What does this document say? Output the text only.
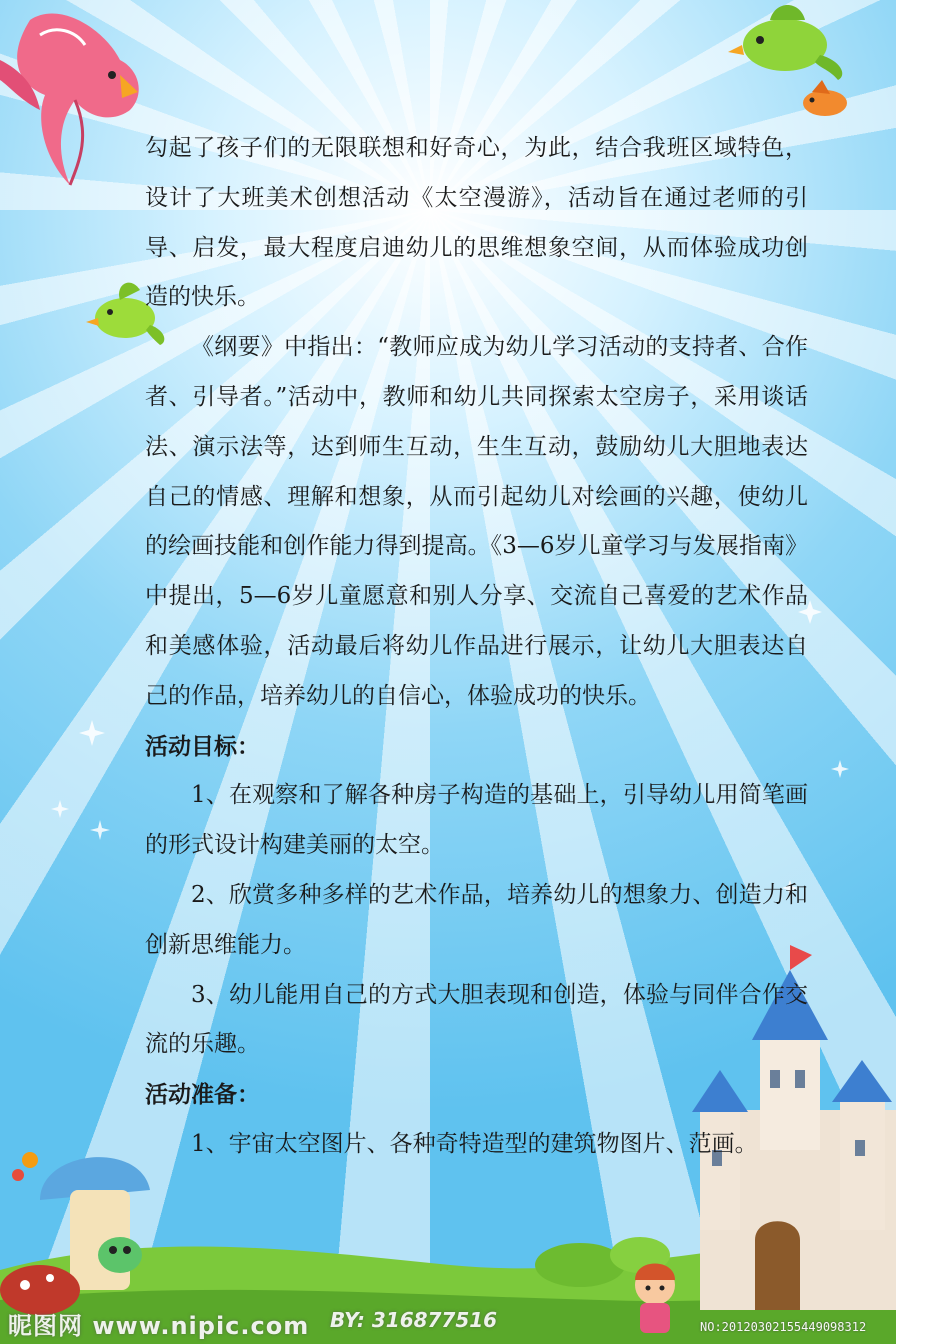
勾起了孩子们的无限联想和好奇心，为此，结合我班区域特色，设计了大班美术创想活动《太空漫游》，活动旨在通过老师的引导、启发，最大程度启迪幼儿的思维想象空间，从而体验成功创造的快乐。

《纲要》中指出：“教师应成为幼儿学习活动的支持者、合作者、引导者。”活动中，教师和幼儿共同探索太空房子，采用谈话法、演示法等，达到师生互动，生生互动，鼓励幼儿大胆地表达自己的情感、理解和想象，从而引起幼儿对绘画的兴趣，使幼儿的绘画技能和创作能力得到提高。《3—6岁儿童学习与发展指南》中提出，5—6岁儿童愿意和别人分享、交流自己喜爱的艺术作品和美感体验，活动最后将幼儿作品进行展示，让幼儿大胆表达自己的作品，培养幼儿的自信心，体验成功的快乐。

活动目标：

1、在观察和了解各种房子构造的基础上，引导幼儿用简笔画的形式设计构建美丽的太空。

2、欣赏多种多样的艺术作品，培养幼儿的想象力、创造力和创新思维能力。

3、幼儿能用自己的方式大胆表现和创造，体验与同伴合作交流的乐趣。

活动准备：

1、宇宙太空图片、各种奇特造型的建筑物图片、范画。

昵图网 www.nipic.com BY: 316877516	NO:20120302155449098312
